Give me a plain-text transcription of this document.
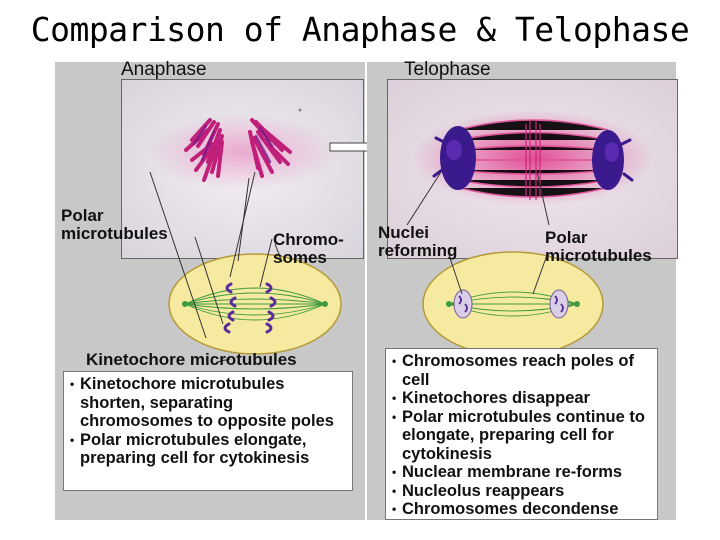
Comparison of Anaphase & Telophase
Anaphase
Polar
microtubules	Chromo-
somes
Kinetochore microtubules
• Kinetochore microtubules shorten, separating chromosomes to opposite poles
• Polar microtubules elongate, preparing cell for cytokinesis
Telophase
Nuclei
reforming
Polar
microtubules
• Chromosomes reach poles of cell
• Kinetochores disappear
• Polar microtubules continue to elongate, preparing cell for cytokinesis
• Nuclear membrane re-forms
• Nucleolus reappears
• Chromosomes decondense
